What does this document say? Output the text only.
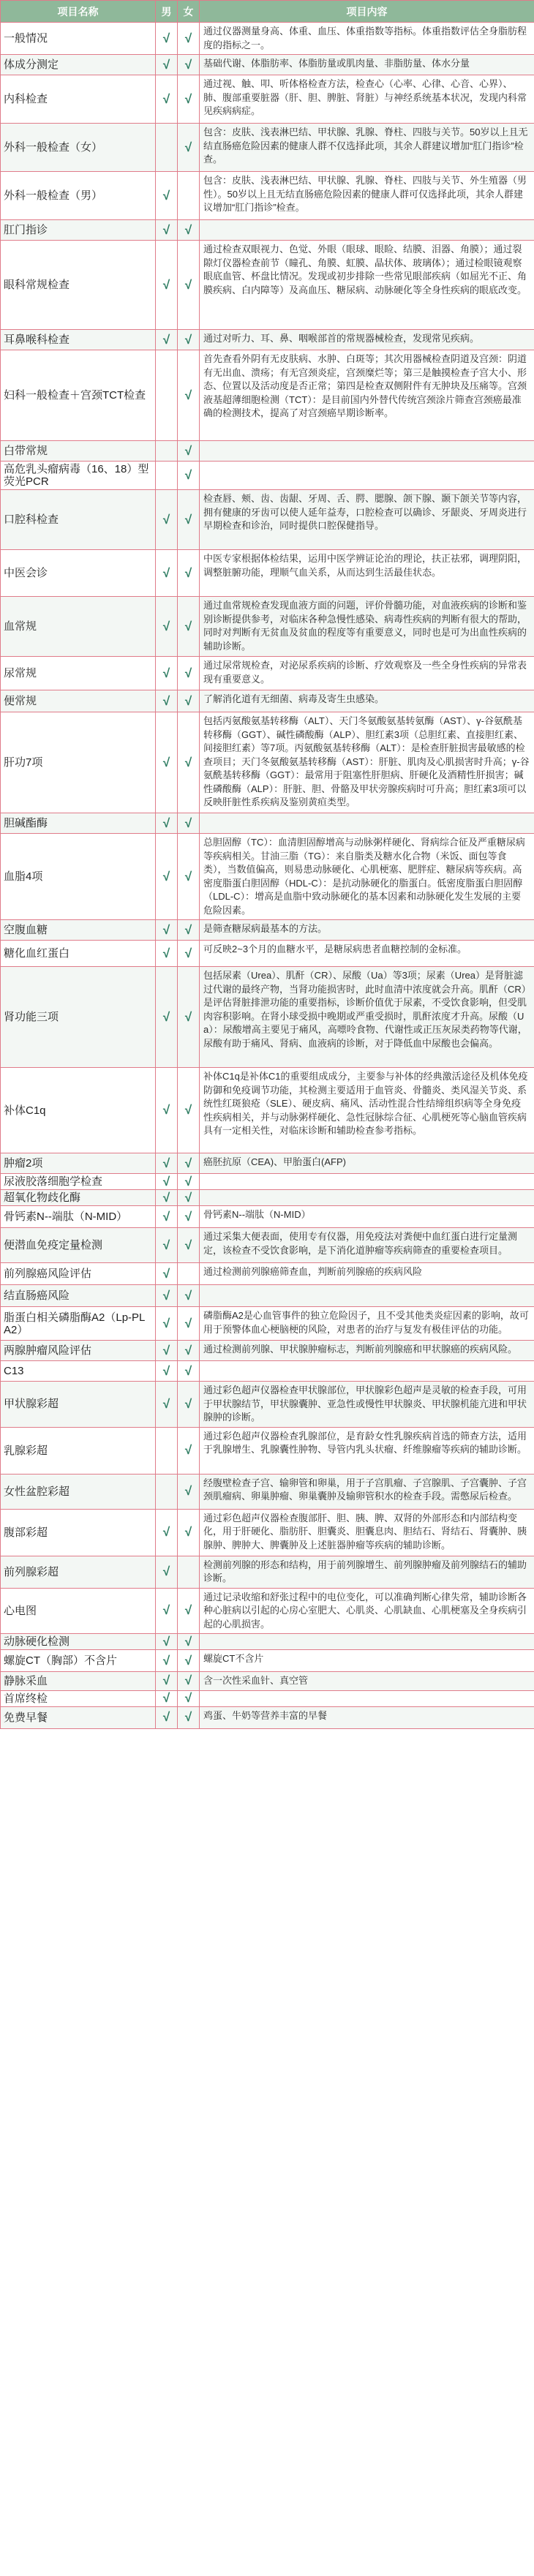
项目名称	男	女	项目内容
一般情况	√	√	通过仪器测量身高、体重、血压、体重指数等指标。体重指数评估全身脂肪程度的指标之一。
体成分测定	√	√	基础代谢、体脂肪率、体脂肪量或肌肉量、非脂肪量、体水分量
内科检查	√	√	通过视、触、叩、听体格检查方法，检查心（心率、心律、心音、心界）、肺、腹部重要脏器（肝、胆、脾脏、肾脏）与神经系统基本状况，发现内科常见疾病病症。
外科一般检查（女）		√	包含：皮肤、浅表淋巴结、甲状腺、乳腺、脊柱、四肢与关节。50岁以上且无结直肠癌危险因素的健康人群不仅选择此项，其余人群建议增加“肛门指诊”检查。
外科一般检查（男）	√		包含：皮肤、浅表淋巴结、甲状腺、乳腺、脊柱、四肢与关节、外生殖器（男性）。50岁以上且无结直肠癌危险因素的健康人群可仅选择此项，其余人群建议增加“肛门指诊”检查。
肛门指诊	√	√	
眼科常规检查	√	√	通过检查双眼视力、色觉、外眼（眼球、眼睑、结膜、泪器、角膜）；通过裂隙灯仪器检查前节（瞳孔、角膜、虹膜、晶状体、玻璃体）；通过检眼镜观察眼底血管、杯盘比情况。发现或初步排除一些常见眼部疾病（如屈光不正、角膜疾病、白内障等）及高血压、糖尿病、动脉硬化等全身性疾病的眼底改变。
耳鼻喉科检查	√	√	通过对听力、耳、鼻、咽喉部首的常规器械检查，发现常见疾病。
妇科一般检查＋宫颈TCT检查		√	首先查看外阴有无皮肤病、水肿、白斑等；其次用器械检查阴道及宫颈：阴道有无出血、溃疡；有无宫颈炎症，宫颈糜烂等；第三是触摸检查子宫大小、形态、位置以及活动度是否正常；第四是检查双侧附件有无肿块及压痛等。宫颈液基超薄细胞检测（TCT）：是目前国内外替代传统宫颈涂片筛查宫颈癌最准确的检测技术，提高了对宫颈癌早期诊断率。
白带常规		√	
高危乳头瘤病毒（16、18）型荧光PCR		√	
口腔科检查	√	√	检查唇、颊、齿、齿龈、牙周、舌、腭、腮腺、颌下腺、颞下颌关节等内容，拥有健康的牙齿可以使人延年益寿，口腔检查可以确诊、牙龈炎、牙周炎进行早期检查和诊治，同时提供口腔保健指导。
中医会诊	√	√	中医专家根据体检结果，运用中医学辨证论治的理论，扶正祛邪，调理阴阳，调整脏腑功能，理顺气血关系，从而达到生活最佳状态。
血常规	√	√	通过血常规检查发现血液方面的问题，评价骨髓功能，对血液疾病的诊断和鉴别诊断提供参考，对临床各种急慢性感染、病毒性疾病的判断有很大的帮助，同时对判断有无贫血及贫血的程度等有重要意义，同时也是可为出血性疾病的辅助诊断。
尿常规	√	√	通过尿常规检查，对泌尿系疾病的诊断、疗效观察及一些全身性疾病的异常表现有重要意义。
便常规	√	√	了解消化道有无细菌、病毒及寄生虫感染。
肝功7项	√	√	包括丙氨酸氨基转移酶（ALT）、天门冬氨酸氨基转氨酶（AST）、γ-谷氨酰基转移酶（GGT）、碱性磷酸酶（ALP）、胆红素3项（总胆红素、直接胆红素、间接胆红素）等7项。丙氨酸氨基转移酶（ALT）：是检查肝脏损害最敏感的检查项目；天门冬氨酸氨基转移酶（AST）：肝脏、肌肉及心肌损害时升高；γ-谷氨酰基转移酶（GGT）：最常用于阻塞性肝胆病、肝硬化及酒精性肝损害；碱性磷酸酶（ALP）：肝脏、胆、骨骼及甲状旁腺疾病时可升高；胆红素3项可以反映肝脏性系疾病及鉴别黄疸类型。
胆碱酯酶	√	√	
血脂4项	√	√	总胆固醇（TC）：血清胆固醇增高与动脉粥样硬化、肾病综合征及严重糖尿病等疾病相关。甘油三脂（TG）：来自脂类及糖水化合物（米饭、面包等食类），当数值偏高，则易患动脉硬化、心肌梗塞、肥胖症、糖尿病等疾病。高密度脂蛋白胆固醇（HDL-C）：是抗动脉硬化的脂蛋白。低密度脂蛋白胆固醇（LDL-C）：增高是血脂中致动脉硬化的基本因素和动脉硬化发生发展的主要危险因素。
空腹血糖	√	√	是筛查糖尿病最基本的方法。
糖化血红蛋白	√	√	可反映2~3个月的血糖水平，是糖尿病患者血糖控制的金标准。
肾功能三项	√	√	包括尿素（Urea）、肌酐（CR）、尿酸（Ua）等3项；尿素（Urea）是肾脏滤过代谢的最终产物，当肾功能损害时，此时血清中浓度就会升高。肌酐（CR）是评估肾脏排泄功能的重要指标，诊断价值优于尿素，不受饮食影响，但受肌肉容积影响。在肾小球受损中晚期或严重受损时，肌酐浓度才升高。尿酸（Ua）：尿酸增高主要见于痛风，高嘌呤食物、代谢性或正压灰尿类药物等代谢，尿酸有助于痛风、肾病、血液病的诊断，对于降低血中尿酸也会偏高。
补体C1q	√	√	补体C1q是补体C1的重要组成成分，主要参与补体的经典激活途径及机体免疫防御和免疫调节功能，其检测主要适用于血管炎、骨髓炎、类风湿关节炎、系统性红斑狼疮（SLE）、硬皮病、痛风、活动性混合性结缔组织病等全身免疫性疾病相关，并与动脉粥样硬化、急性冠脉综合征、心肌梗死等心脑血管疾病具有一定相关性，对临床诊断和辅助检查参考指标。
肿瘤2项	√	√	癌胚抗原（CEA)、甲胎蛋白(AFP)
尿液胶落细胞学检查	√	√	
超氧化物歧化酶	√	√	
骨钙素N--端肽（N-MID）	√	√	骨钙素N--端肽（N-MID）
便潜血免疫定量检测	√	√	通过采集大便表面，使用专有仪器，用免疫法对粪便中血红蛋白进行定量测定，该检查不受饮食影响，是下消化道肿瘤等疾病筛查的重要检查项目。
前列腺癌风险评估	√		通过检测前列腺癌筛查血，判断前列腺癌的疾病风险
结直肠癌风险	√	√	
脂蛋白相关磷脂酶A2（Lp-PLA2）	√	√	磷脂酶A2是心血管事件的独立危险因子，且不受其他类炎症因素的影响，故可用于预警体血心梗脑梗的风险，对患者的治疗与复发有极佳评估的功能。
两腺肿瘤风险评估	√	√	通过检测前列腺、甲状腺肿瘤标志，判断前列腺癌和甲状腺癌的疾病风险。
C13	√	√	
甲状腺彩超	√	√	通过彩色超声仪器检查甲状腺部位，甲状腺彩色超声是灵敏的检查手段，可用于甲状腺结节，甲状腺囊肿、亚急性或慢性甲状腺炎、甲状腺机能亢进和甲状腺肿的诊断。
乳腺彩超		√	通过彩色超声仪器检查乳腺部位，是育龄女性乳腺疾病首选的筛查方法，适用于乳腺增生、乳腺囊性肿物、导管内乳头状瘤、纤维腺瘤等疾病的辅助诊断。
女性盆腔彩超		√	经腹壁检查子宫、输卵管和卵巢，用于子宫肌瘤、子宫腺肌、子宫囊肿、子宫颈肌瘤病、卵巢肿瘤、卵巢囊肿及输卵管积水的检查手段。需憋尿后检查。
腹部彩超	√	√	通过彩色超声仪器检查腹部肝、胆、胰、脾、双肾的外部形态和内部结构变化，用于肝硬化、脂肪肝、胆囊炎、胆囊息肉、胆结石、肾结石、肾囊肿、胰腺肿、脾肿大、脾囊肿及上述脏器肿瘤等疾病的辅助诊断。
前列腺彩超	√		检测前列腺的形态和结构，用于前列腺增生、前列腺肿瘤及前列腺结石的辅助诊断。
心电图	√	√	通过记录收缩和舒张过程中的电位变化，可以准确判断心律失常，辅助诊断各种心脏病以引起的心房心室肥大、心肌炎、心肌缺血、心肌梗塞及全身疾病引起的心肌损害。
动脉硬化检测	√	√	
螺旋CT（胸部）不含片	√	√	螺旋CT不含片
静脉采血	√	√	含一次性采血针、真空管
首席终检	√	√	
免费早餐	√	√	鸡蛋、牛奶等营养丰富的早餐
